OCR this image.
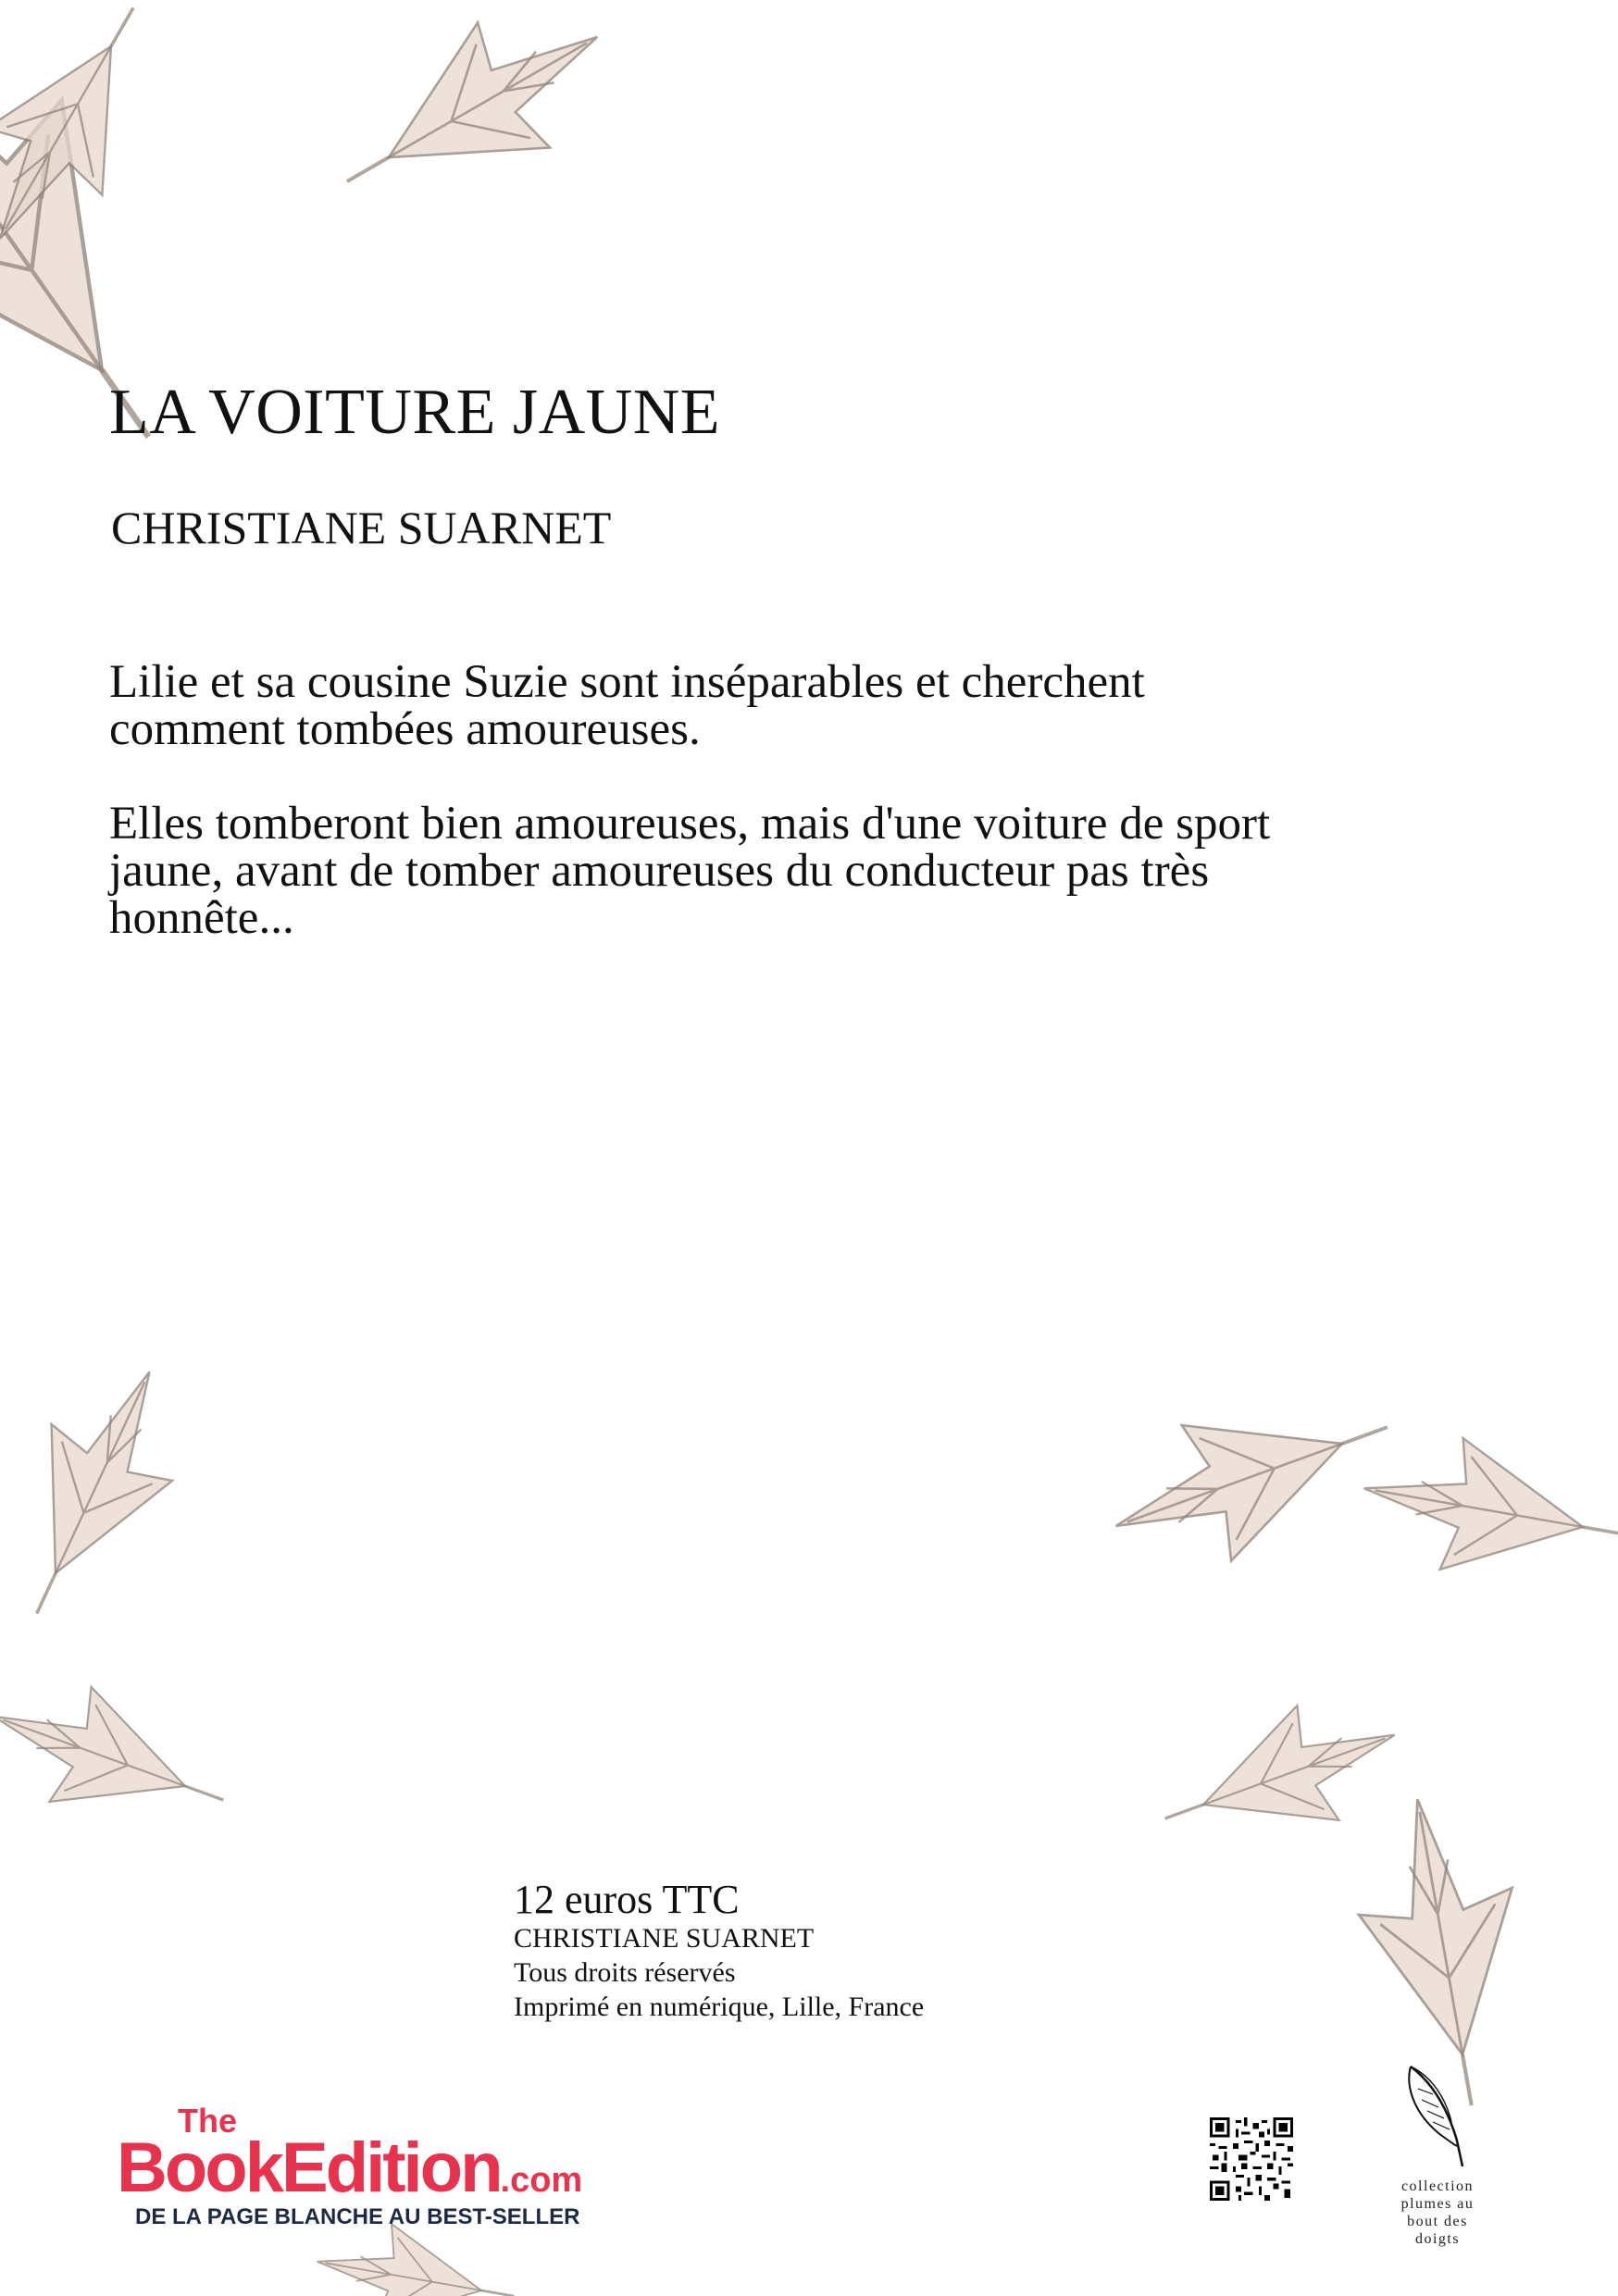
LA VOITURE JAUNE
CHRISTIANE SUARNET

Lilie et sa cousine Suzie sont inséparables et cherchent comment tombées amoureuses.

Elles tomberont bien amoureuses, mais d'une voiture de sport jaune, avant de tomber amoureuses du conducteur pas très honnête...

12 euros TTC
CHRISTIANE SUARNET
Tous droits réservés
Imprimé en numérique, Lille, France
The
BookEdition.com
DE LA PAGE BLANCHE AU BEST-SELLER
collection
plumes au
bout des
doigts
